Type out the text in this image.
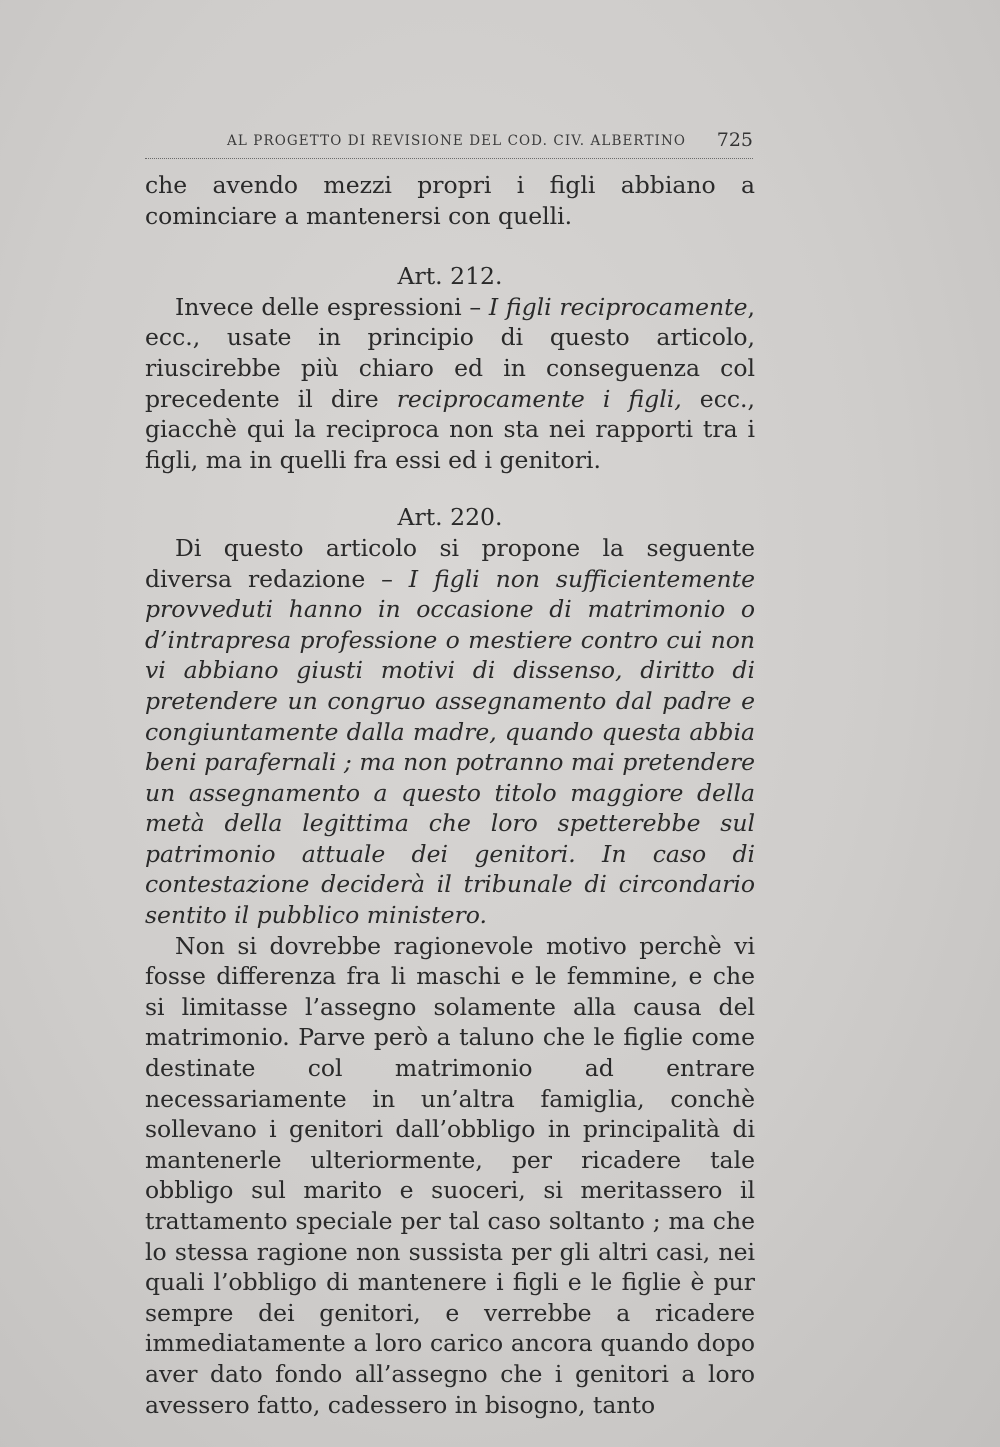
AL PROGETTO DI REVISIONE DEL COD. CIV. ALBERTINO 725

che avendo mezzi propri i figli abbiano a cominciare a mantenersi con quelli.

Art. 212.

Invece delle espressioni – I figli reciprocamente, ecc., usate in principio di questo articolo, riuscirebbe più chiaro ed in conseguenza col precedente il dire reciprocamente i figli, ecc., giacchè qui la reciproca non sta nei rapporti tra i figli, ma in quelli fra essi ed i genitori.

Art. 220.

Di questo articolo si propone la seguente diversa redazione – I figli non sufficientemente provveduti hanno in occasione di matrimonio o d’intrapresa professione o mestiere contro cui non vi abbiano giusti motivi di dissenso, diritto di pretendere un congruo assegnamento dal padre e congiuntamente dalla madre, quando questa abbia beni parafernali ; ma non potranno mai pretendere un assegnamento a questo titolo maggiore della metà della legittima che loro spetterebbe sul patrimonio attuale dei genitori. In caso di contestazione deciderà il tribunale di circondario sentito il pubblico ministero.

Non si dovrebbe ragionevole motivo perchè vi fosse differenza fra li maschi e le femmine, e che si limitasse l’assegno solamente alla causa del matrimonio. Parve però a taluno che le figlie come destinate col matrimonio ad entrare necessariamente in un’altra famiglia, conchè sollevano i genitori dall’obbligo in principalità di mantenerle ulteriormente, per ricadere tale obbligo sul marito e suoceri, si meritassero il trattamento speciale per tal caso soltanto ; ma che lo stessa ragione non sussista per gli altri casi, nei quali l’obbligo di mantenere i figli e le figlie è pur sempre dei genitori, e verrebbe a ricadere immediatamente a loro carico ancora quando dopo aver dato fondo all’assegno che i genitori a loro avessero fatto, cadessero in bisogno, tanto
